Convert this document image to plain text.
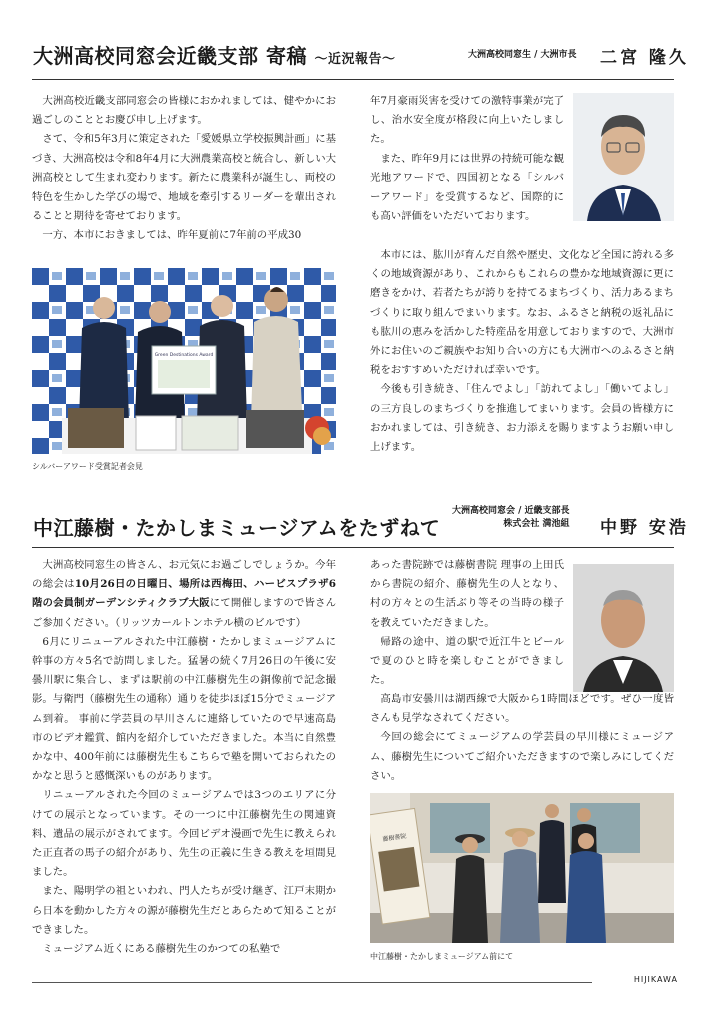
大洲高校同窓会近畿支部 寄稿 〜近況報告〜	大洲高校同窓生 / 大洲市長 二宮 隆久

大洲高校近畿支部同窓会の皆様におかれましては、健やかにお過ごしのこととお慶び申し上げます。

さて、令和5年3月に策定された「愛媛県立学校振興計画」に基づき、大洲高校は令和8年4月に大洲農業高校と統合し、新しい大洲高校として生まれ変わります。新たに農業科が誕生し、両校の特色を生かした学びの場で、地域を牽引するリーダーを輩出されることと期待を寄せております。

一方、本市におきましては、昨年夏前に7年前の平成30

Green Destinations Award
シルバーアワード受賞記者会見

年7月豪雨災害を受けての激特事業が完了し、治水安全度が格段に向上いたしました。

また、昨年9月には世界の持続可能な観光地アワードで、四国初となる「シルバーアワード」を受賞するなど、国際的にも高い評価をいただいております。

本市には、肱川が育んだ自然や歴史、文化など全国に誇れる多くの地域資源があり、これからもこれらの豊かな地域資源に更に磨きをかけ、若者たちが誇りを持てるまちづくり、活力あるまちづくりに取り組んでまいります。なお、ふるさと納税の返礼品にも肱川の恵みを活かした特産品を用意しておりますので、大洲市外にお住いのご親族やお知り合いの方にも大洲市へのふるさと納税をおすすめいただければ幸いです。

今後も引き続き、「住んでよし」「訪れてよし」「働いてよし」の三方良しのまちづくりを推進してまいります。会員の皆様方におかれましては、引き続き、お力添えを賜りますようお願い申し上げます。

中江藤樹・たかしまミュージアムをたずねて
大洲高校同窓会 / 近畿支部長
株式会社 満池組 中野 安浩

大洲高校同窓生の皆さん、お元気にお過ごしでしょうか。今年の総会は10月26日の日曜日、場所は西梅田、ハービスプラザ6階の会員制ガーデンシティクラブ大阪にて開催しますので皆さんご参加ください。（リッツカールトンホテル横のビルです）

6月にリニューアルされた中江藤樹・たかしまミュージアムに幹事の方々5名で訪問しました。猛暑の続く7月26日の午後に安曇川駅に集合し、まずは駅前の中江藤樹先生の銅像前で記念撮影。与衛門（藤樹先生の通称）通りを徒歩ほぼ15分でミュージアム到着。 事前に学芸員の早川さんに連絡していたので早速高島市のビデオ鑑賞、館内を紹介していただきました。本当に自然豊かな中、400年前には藤樹先生もこちらで塾を開いておられたのかなと思うと感慨深いものがあります。

リニューアルされた今回のミュージアムでは3つのエリアに分けての展示となっています。その一つに中江藤樹先生の関連資料、遺品の展示がされてます。今回ビデオ漫画で先生に教えられた正直者の馬子の紹介があり、先生の正義に生きる教えを垣間見ました。

また、陽明学の祖といわれ、門人たちが受け継ぎ、江戸末期から日本を動かした方々の源が藤樹先生だとあらためて知ることができました。

ミュージアム近くにある藤樹先生のかつての私塾で

あった書院跡では藤樹書院 理事の上田氏から書院の紹介、藤樹先生の人となり、村の方々との生活ぶり等その当時の様子を教えていただきました。

帰路の途中、道の駅で近江牛とビールで夏のひと時を楽しむことができました。

高島市安曇川は湖西線で大阪から1時間ほどです。ぜひ一度皆さんも見学なされてください。

今回の総会にてミュージアムの学芸員の早川様にミュージアム、藤樹先生についてご紹介いただきますので楽しみにしてください。

藤樹書院
中江藤樹・たかしまミュージアム前にて
HIJIKAWA
